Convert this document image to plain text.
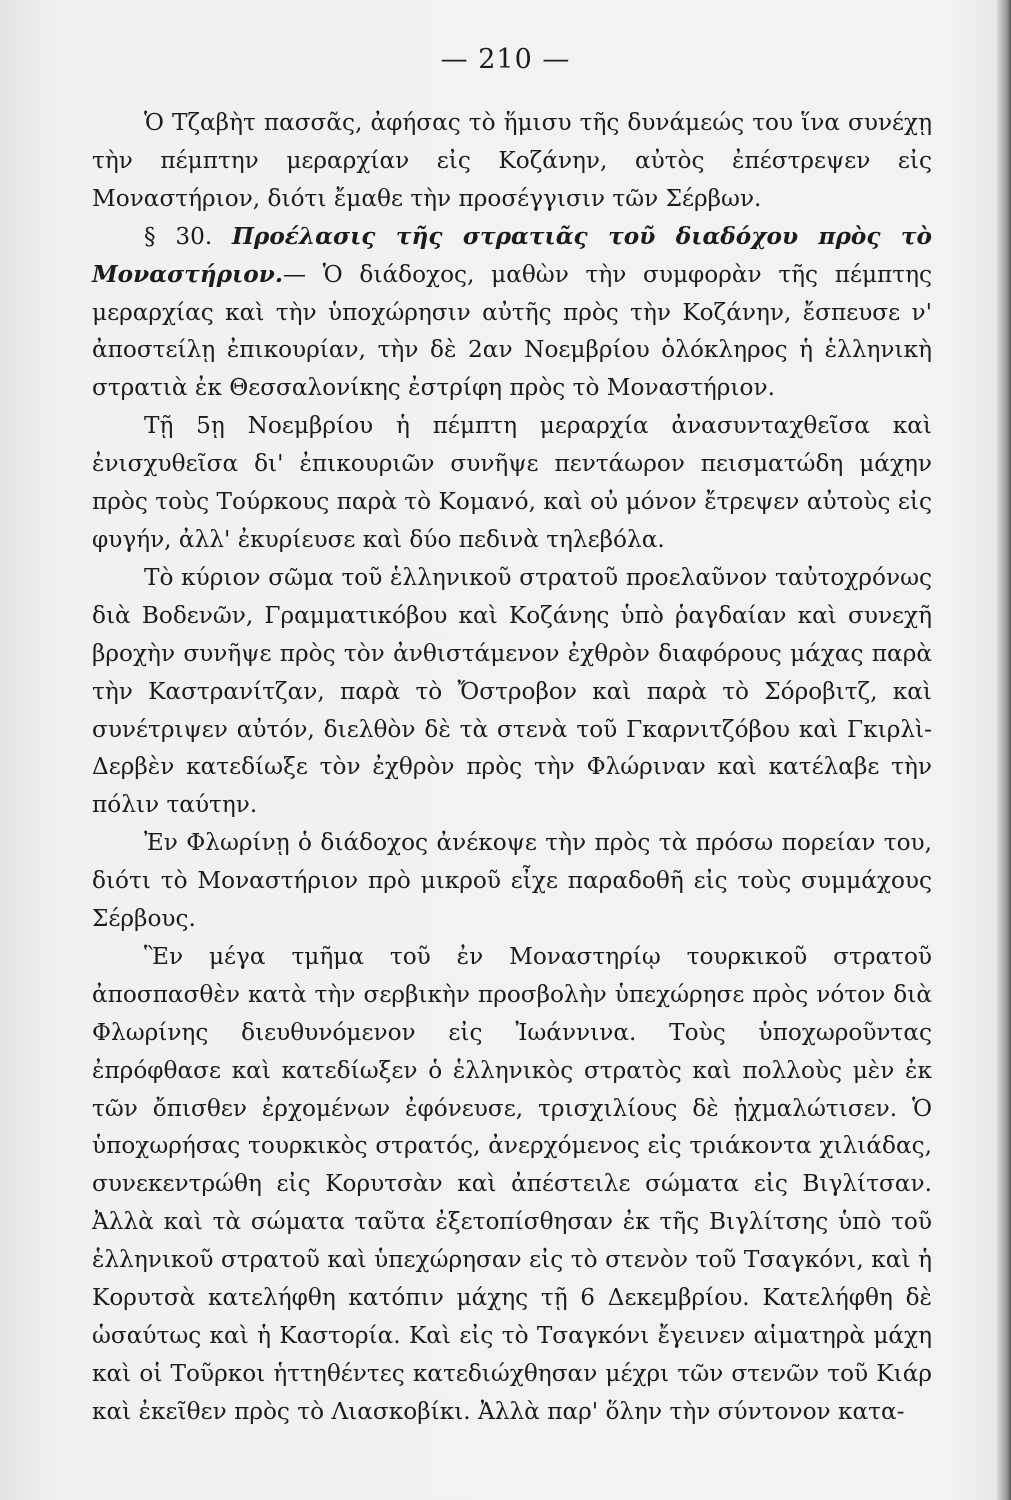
— 210 —

Ὁ Τζαβὴτ πασσᾶς, ἀφήσας τὸ ἥμισυ τῆς δυνάμεώς του ἵνα συνέχῃ τὴν πέμπτην μεραρχίαν εἰς Κοζάνην, αὐτὸς ἐπέστρεψεν εἰς Μοναστήριον, διότι ἔμαθε τὴν προσέγγισιν τῶν Σέρβων.

§ 30. Προέλασις τῆς στρατιᾶς τοῦ διαδόχου πρὸς τὸ Μοναστήριον.— Ὁ διάδοχος, μαθὼν τὴν συμφορὰν τῆς πέμπτης μεραρχίας καὶ τὴν ὑποχώρησιν αὐτῆς πρὸς τὴν Κοζάνην, ἔσπευσε ν' ἀποστείλῃ ἐπικουρίαν, τὴν δὲ 2αν Νοεμβρίου ὁλόκληρος ἡ ἑλληνικὴ στρατιὰ ἐκ Θεσσαλονίκης ἐστρίφη πρὸς τὸ Μοναστήριον.

Τῇ 5ῃ Νοεμβρίου ἡ πέμπτη μεραρχία ἀνασυνταχθεῖσα καὶ ἐνισχυθεῖσα δι' ἐπικουριῶν συνῆψε πεντάωρον πεισματώδη μάχην πρὸς τοὺς Τούρκους παρὰ τὸ Κομανό, καὶ οὐ μόνον ἔτρεψεν αὐτοὺς εἰς φυγήν, ἀλλ' ἐκυρίευσε καὶ δύο πεδινὰ τηλεβόλα.

Τὸ κύριον σῶμα τοῦ ἑλληνικοῦ στρατοῦ προελαῦνον ταὐτοχρόνως διὰ Βοδενῶν, Γραμματικόβου καὶ Κοζάνης ὑπὸ ῥαγδαίαν καὶ συνεχῆ βροχὴν συνῆψε πρὸς τὸν ἀνθιστάμενον ἐχθρὸν διαφόρους μάχας παρὰ τὴν Καστρανίτζαν, παρὰ τὸ Ὄστροβον καὶ παρὰ τὸ Σόροβιτζ, καὶ συνέτριψεν αὐτόν, διελθὸν δὲ τὰ στενὰ τοῦ Γκαρνιτζόβου καὶ Γκιρλὶ-Δερβὲν κατεδίωξε τὸν ἐχθρὸν πρὸς τὴν Φλώριναν καὶ κατέλαβε τὴν πόλιν ταύτην.

Ἐν Φλωρίνῃ ὁ διάδοχος ἀνέκοψε τὴν πρὸς τὰ πρόσω πορείαν του, διότι τὸ Μοναστήριον πρὸ μικροῦ εἶχε παραδοθῆ εἰς τοὺς συμμάχους Σέρβους.

Ἓν μέγα τμῆμα τοῦ ἐν Μοναστηρίῳ τουρκικοῦ στρατοῦ ἀποσπασθὲν κατὰ τὴν σερβικὴν προσβολὴν ὑπεχώρησε πρὸς νότον διὰ Φλωρίνης διευθυνόμενον εἰς Ἰωάννινα. Τοὺς ὑποχωροῦντας ἐπρόφθασε καὶ κατεδίωξεν ὁ ἑλληνικὸς στρατὸς καὶ πολλοὺς μὲν ἐκ τῶν ὄπισθεν ἐρχομένων ἐφόνευσε, τρισχιλίους δὲ ᾐχμαλώτισεν. Ὁ ὑποχωρήσας τουρκικὸς στρατός, ἀνερχόμενος εἰς τριάκοντα χιλιάδας, συνεκεντρώθη εἰς Κορυτσὰν καὶ ἀπέστειλε σώματα εἰς Βιγλίτσαν. Ἀλλὰ καὶ τὰ σώματα ταῦτα ἐξετοπίσθησαν ἐκ τῆς Βιγλίτσης ὑπὸ τοῦ ἑλληνικοῦ στρατοῦ καὶ ὑπεχώρησαν εἰς τὸ στενὸν τοῦ Τσαγκόνι, καὶ ἡ Κορυτσὰ κατελήφθη κατόπιν μάχης τῇ 6 Δεκεμβρίου. Κατελήφθη δὲ ὡσαύτως καὶ ἡ Καστορία. Καὶ εἰς τὸ Τσαγκόνι ἔγεινεν αἱματηρὰ μάχη καὶ οἱ Τοῦρκοι ἡττηθέντες κατεδιώχθησαν μέχρι τῶν στενῶν τοῦ Κιάρ καὶ ἐκεῖθεν πρὸς τὸ Λιασκοβίκι. Ἀλλὰ παρ' ὅλην τὴν σύντονον κατα-
